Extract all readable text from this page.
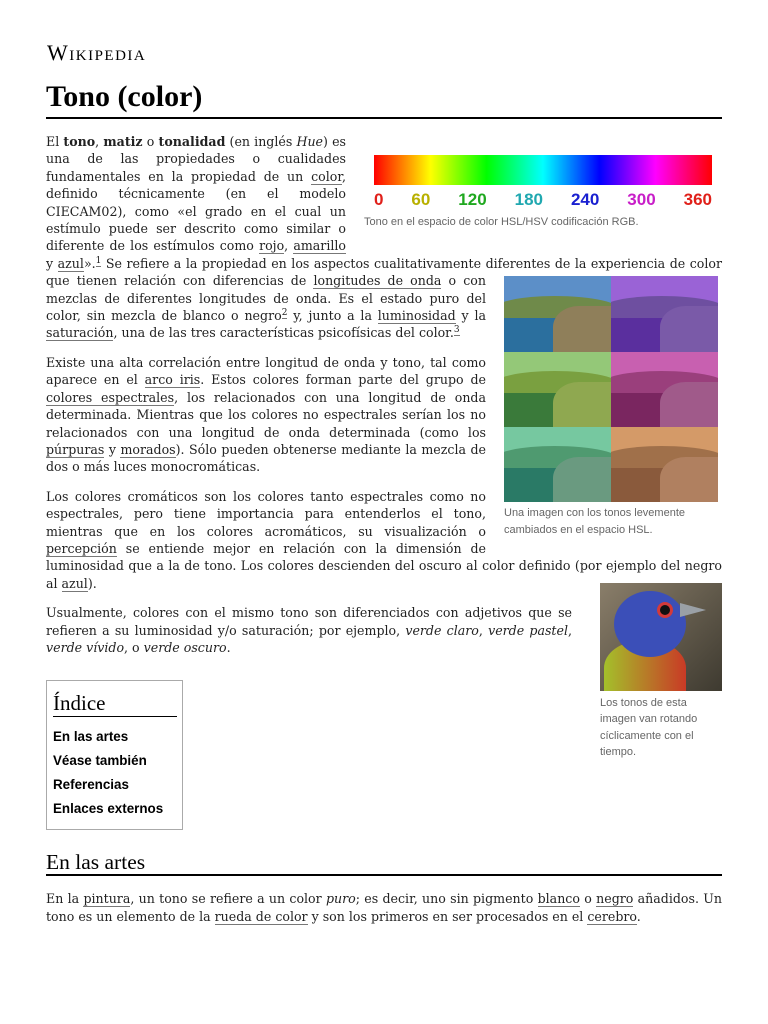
Wikipedia
Tono (color)
0 60 120 180 240 300 360
Tono en el espacio de color HSL/HSV codificación RGB.

El tono, matiz o tonalidad (en inglés Hue) es una de las propiedades o cualidades fundamentales en la propiedad de un color, definido técnicamente (en el modelo CIECAM02), como «el grado en el cual un estímulo puede ser descrito como similar o diferente de los estímulos como rojo, amarillo y azul».$^1$ Se refiere a la propiedad en los aspectos cualitativamente diferentes de la experiencia de color que tienen relación con diferencias de
Una imagen con los tonos levemente cambiados en el espacio HSL.
longitudes de onda o con mezclas de diferentes longitudes de onda. Es el estado puro del color, sin mezcla de blanco o negro$^2$ y, junto a la luminosidad y la saturación, una de las tres características psicofísicas del color.$^3$

Existe una alta correlación entre longitud de onda y tono, tal como aparece en el arco iris. Estos colores forman parte del grupo de colores espectrales, los relacionados con una longitud de onda determinada. Mientras que los colores no espectrales serían los no relacionados con una longitud de onda determinada (como los púrpuras y morados). Sólo pueden obtenerse mediante la mezcla de dos o más luces monocromáticas.

Los colores cromáticos son los colores tanto espectrales como no espectrales, pero tiene importancia para entenderlos el tono, mientras que en los colores acromáticos, su visualización o percepción se entiende mejor en relación con la dimensión de luminosidad que a la de tono. Los colores descienden del oscuro al color definido (por ejemplo del negro al
Los tonos de esta imagen van rotando cíclicamente con el tiempo.
azul).

Usualmente, colores con el mismo tono son diferenciados con adjetivos que se refieren a su luminosidad y/o saturación; por ejemplo, verde claro, verde pastel, verde vívido, o verde oscuro.

Índice
En las artes
Véase también
Referencias
Enlaces externos
En las artes

En la pintura, un tono se refiere a un color puro; es decir, uno sin pigmento blanco o negro añadidos. Un tono es un elemento de la rueda de color y son los primeros en ser procesados en el cerebro.
